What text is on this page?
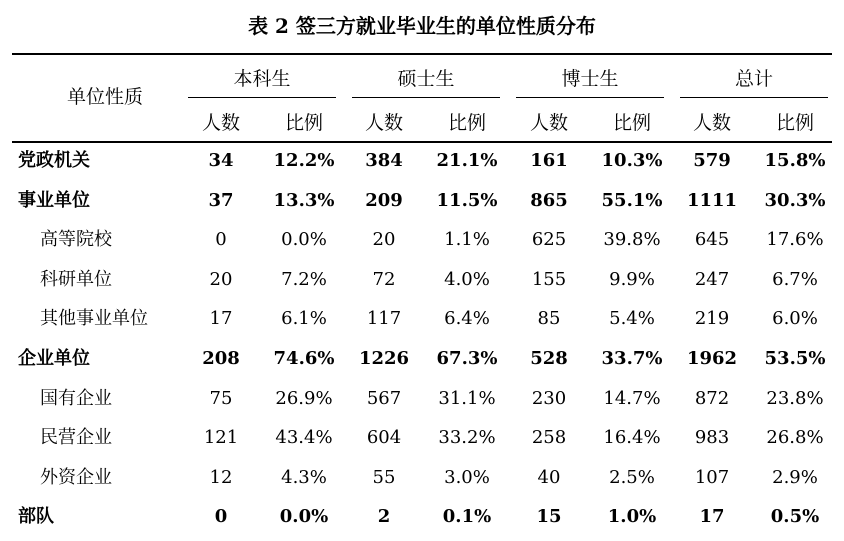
表 2 签三方就业毕业生的单位性质分布
单位性质
本科生	硕士生	博士生	总计
人数	比例	人数	比例	人数	比例	人数	比例
党政机关	34	12.2%	384	21.1%	161	10.3%	579	15.8%
事业单位	37	13.3%	209	11.5%	865	55.1%	1111	30.3%
高等院校	0	0.0%	20	1.1%	625	39.8%	645	17.6%
科研单位	20	7.2%	72	4.0%	155	9.9%	247	6.7%
其他事业单位	17	6.1%	117	6.4%	85	5.4%	219	6.0%
企业单位	208	74.6%	1226	67.3%	528	33.7%	1962	53.5%
国有企业	75	26.9%	567	31.1%	230	14.7%	872	23.8%
民营企业	121	43.4%	604	33.2%	258	16.4%	983	26.8%
外资企业	12	4.3%	55	3.0%	40	2.5%	107	2.9%
部队	0	0.0%	2	0.1%	15	1.0%	17	0.5%
